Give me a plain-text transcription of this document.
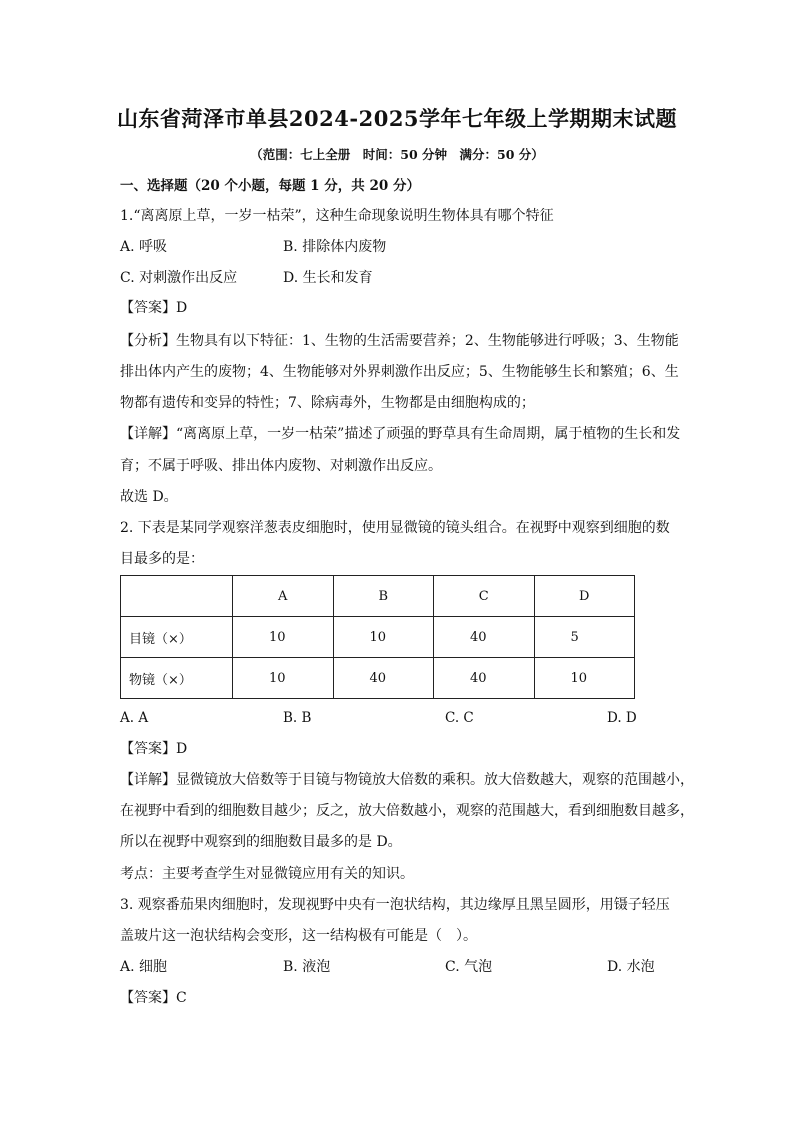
山东省菏泽市单县2024-2025学年七年级上学期期末试题
（范围：七上全册　时间：50 分钟　满分：50 分）
一、选择题（20 个小题，每题 1 分，共 20 分）
1.“离离原上草，一岁一枯荣”，这种生命现象说明生物体具有哪个特征
A. 呼吸	B. 排除体内废物
C. 对刺激作出反应	D. 生长和发育
【答案】D
【分析】生物具有以下特征：1、生物的生活需要营养；2、生物能够进行呼吸；3、生物能
排出体内产生的废物；4、生物能够对外界刺激作出反应；5、生物能够生长和繁殖；6、生
物都有遗传和变异的特性；7、除病毒外，生物都是由细胞构成的；
【详解】“离离原上草，一岁一枯荣”描述了顽强的野草具有生命周期，属于植物的生长和发
育；不属于呼吸、排出体内废物、对刺激作出反应。
故选 D。
2. 下表是某同学观察洋葱表皮细胞时，使用显微镜的镜头组合。在视野中观察到细胞的数
目最多的是：
	A	B	C	D
目镜（×）	10	10	40	5
物镜（×）	10	40	40	10
A. A	B. B	C. C	D. D
【答案】D
【详解】显微镜放大倍数等于目镜与物镜放大倍数的乘积。放大倍数越大，观察的范围越小，
在视野中看到的细胞数目越少；反之，放大倍数越小，观察的范围越大，看到细胞数目越多，
所以在视野中观察到的细胞数目最多的是 D。
考点：主要考查学生对显微镜应用有关的知识。
3. 观察番茄果肉细胞时，发现视野中央有一泡状结构，其边缘厚且黑呈圆形，用镊子轻压
盖玻片这一泡状结构会变形，这一结构极有可能是（　）。
A. 细胞	B. 液泡	C. 气泡	D. 水泡
【答案】C
